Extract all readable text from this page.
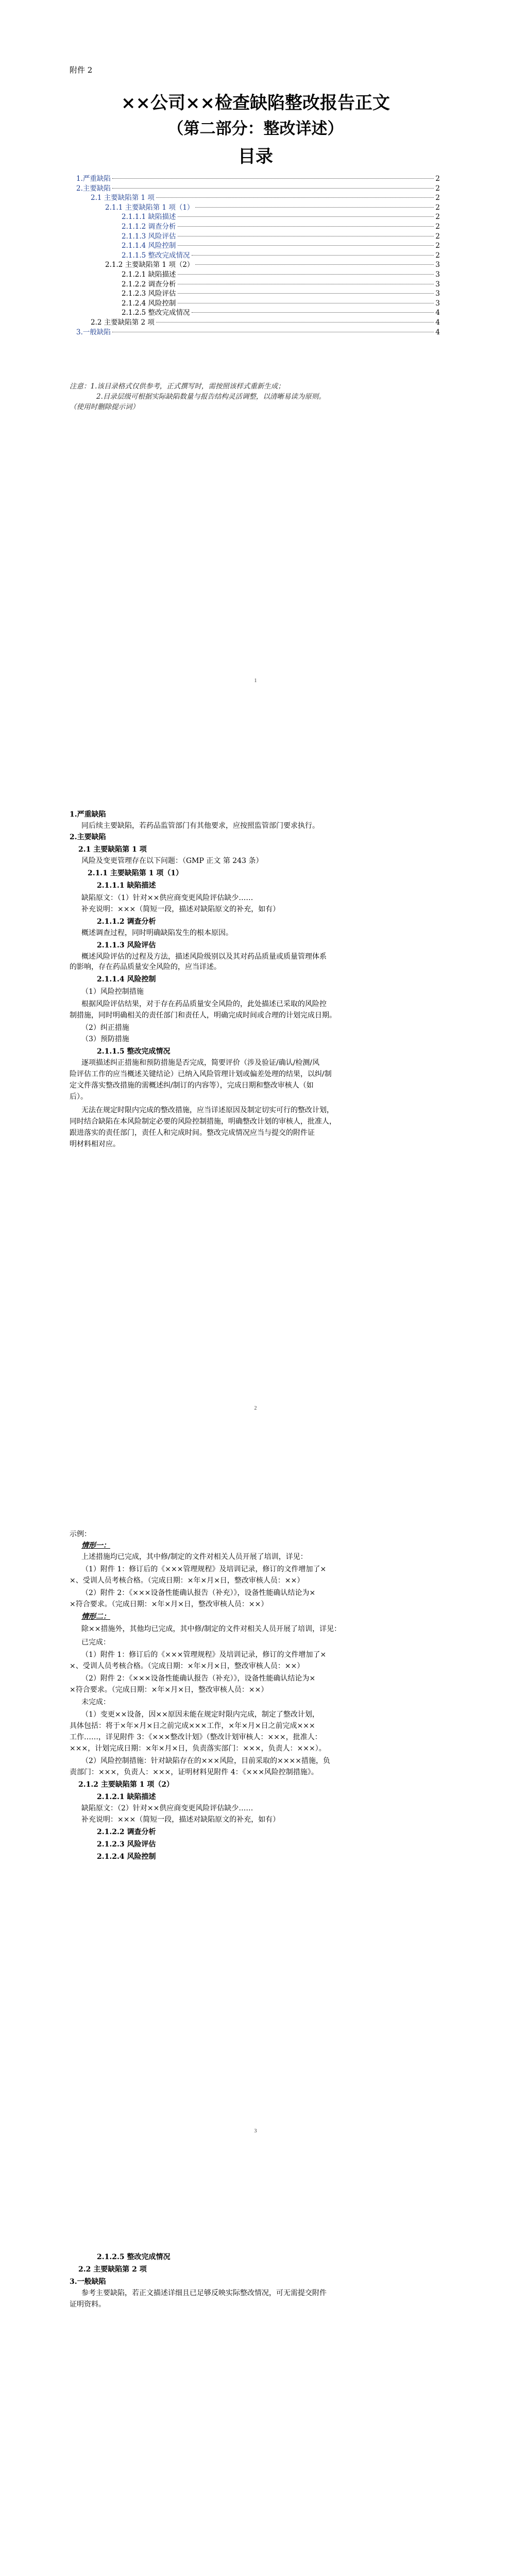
附件 2
××公司××检查缺陷整改报告正文
（第二部分：整改详述）
目录
1.严重缺陷	2
2.主要缺陷	2
2.1 主要缺陷第 1 项	2
2.1.1 主要缺陷第 1 项（1）	2
2.1.1.1 缺陷描述	2
2.1.1.2 调查分析	2
2.1.1.3 风险评估	2
2.1.1.4 风险控制	2
2.1.1.5 整改完成情况	2
2.1.2 主要缺陷第 1 项（2）	3
2.1.2.1 缺陷描述	3
2.1.2.2 调查分析	3
2.1.2.3 风险评估	3
2.1.2.4 风险控制	3
2.1.2.5 整改完成情况	4
2.2 主要缺陷第 2 项	4
3.一般缺陷	4
注意：1.该目录格式仅供参考，正式撰写时，需按照该样式重新生成；
2.目录层级可根据实际缺陷数量与报告结构灵活调整，以清晰易读为原则。
（使用时删除提示词）
1
1.严重缺陷
同后续主要缺陷，若药品监管部门有其他要求，应按照监管部门要求执行。
2.主要缺陷
2.1 主要缺陷第 1 项
风险及变更管理存在以下问题：（GMP 正文 第 243 条）
2.1.1 主要缺陷第 1 项（1）
2.1.1.1 缺陷描述
缺陷原文：（1）针对××供应商变更风险评估缺少……
补充说明：×××（简短一段，描述对缺陷原文的补充，如有）
2.1.1.2 调查分析
概述调查过程，同时明确缺陷发生的根本原因。
2.1.1.3 风险评估
概述风险评估的过程及方法，描述风险级别以及其对药品质量或质量管理体系
的影响，存在药品质量安全风险的，应当详述。
2.1.1.4 风险控制
（1）风险控制措施
根据风险评估结果，对于存在药品质量安全风险的，此处描述已采取的风险控
制措施，同时明确相关的责任部门和责任人，明确完成时间或合理的计划完成日期。
（2）纠正措施
（3）预防措施
2.1.1.5 整改完成情况
逐项描述纠正措施和预防措施是否完成，简要评价（涉及验证/确认/检测/风
险评估工作的应当概述关键结论）已纳入风险管理计划或偏差处理的结果，以纠/制
定文件落实整改措施的需概述纠/制订的内容等），完成日期和整改审核人（如
后）。
无法在规定时限内完成的整改措施，应当详述原因及制定切实可行的整改计划，
同时结合缺陷在本风险制定必要的风险控制措施，明确整改计划的审核人，批准人，
跟进落实的责任部门，责任人和完成时间。整改完成情况应当与提交的附件证
明材料相对应。
2
示例：
情形一：
上述措施均已完成，其中修/制定的文件对相关人员开展了培训，详见：
（1）附件 1：修订后的《×××管理规程》及培训记录，修订的文件增加了×
×、受训人员考核合格。（完成日期：×年×月×日，整改审核人员：××）
（2）附件 2：《×××设备性能确认报告（补充）》，设备性能确认结论为×
×符合要求。（完成日期：×年×月×日，整改审核人员：××）
情形二：
除××措施外，其他均已完成，其中修/制定的文件对相关人员开展了培训，详见：
已完成：
（1）附件 1：修订后的《×××管理规程》及培训记录，修订的文件增加了×
×、受训人员考核合格。（完成日期：×年×月×日，整改审核人员：××）
（2）附件 2：《×××设备性能确认报告（补充）》，设备性能确认结论为×
×符合要求。（完成日期：×年×月×日，整改审核人员：××）
未完成：
（1）变更××设备，因××原因未能在规定时限内完成，制定了整改计划，
具体包括：将于×年×月×日之前完成×××工作，×年×月×日之前完成×××
工作……，详见附件 3：《×××整改计划》（整改计划审核人：×××，批准人：
×××，计划完成日期：×年×月×日，负责落实部门：×××，负责人：×××）。
（2）风险控制措施：针对缺陷存在的×××风险，目前采取的××××措施，负
责部门：×××，负责人：×××，证明材料见附件 4：《×××风险控制措施》。
2.1.2 主要缺陷第 1 项（2）
2.1.2.1 缺陷描述
缺陷原文：（2）针对××供应商变更风险评估缺少……
补充说明：×××（简短一段，描述对缺陷原文的补充，如有）
2.1.2.2 调查分析
2.1.2.3 风险评估
2.1.2.4 风险控制
3
2.1.2.5 整改完成情况
2.2 主要缺陷第 2 项
3.一般缺陷
参考主要缺陷，若正文描述详细且已足够反映实际整改情况，可无需提交附件
证明资料。
